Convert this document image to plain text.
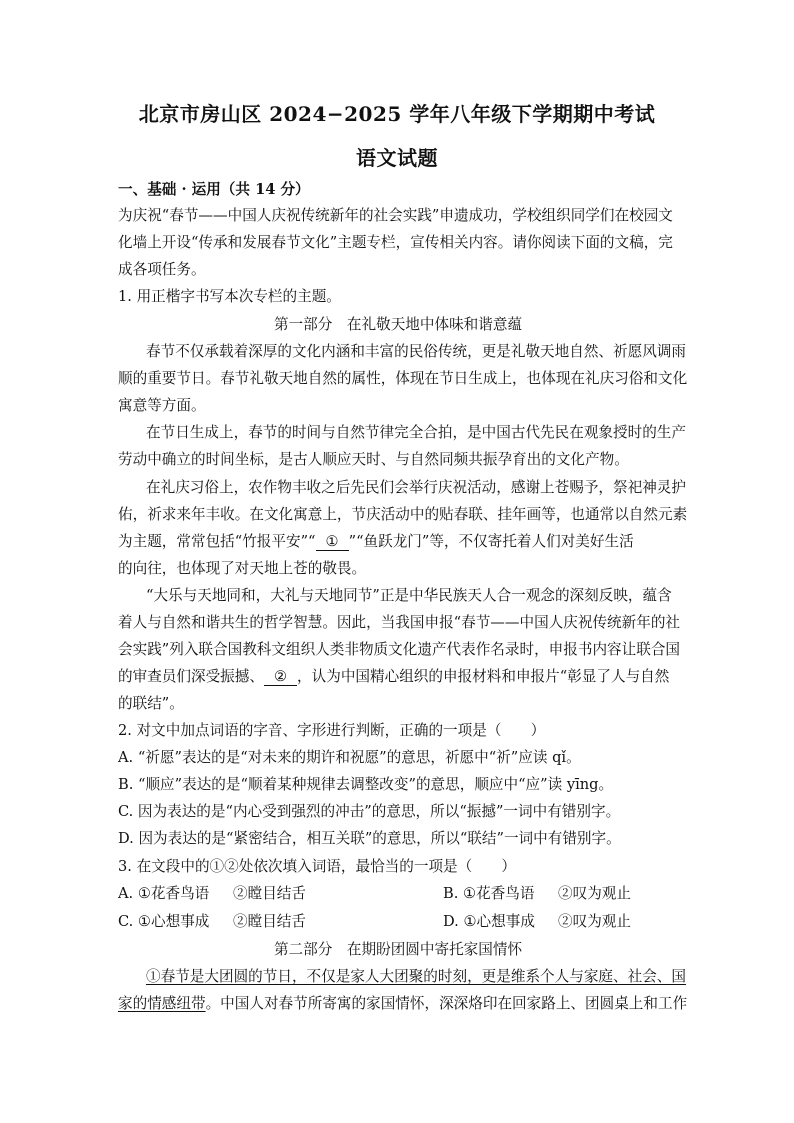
北京市房山区 2024−2025 学年八年级下学期期中考试
语文试题

一、基础 · 运用（共 14 分）

为庆祝“春节——中国人庆祝传统新年的社会实践”申遗成功，学校组织同学们在校园文

化墙上开设“传承和发展春节文化”主题专栏，宣传相关内容。请你阅读下面的文稿，完

成各项任务。

1. 用正楷字书写本次专栏的主题。

第一部分　在礼敬天地中体味和谐意蕴

春节不仅承载着深厚的文化内涵和丰富的民俗传统，更是礼敬天地自然、祈愿风调雨

顺的重要节日。春节礼敬天地自然的属性，体现在节日生成上，也体现在礼庆习俗和文化

寓意等方面。

在节日生成上，春节的时间与自然节律完全合拍，是中国古代先民在观象授时的生产

劳动中确立的时间坐标，是古人顺应天时、与自然同频共振孕育出的文化产物。

在礼庆习俗上，农作物丰收之后先民们会举行庆祝活动，感谢上苍赐予，祭祀神灵护

佑，祈求来年丰收。在文化寓意上，节庆活动中的贴春联、挂年画等，也通常以自然元素

为主题，常常包括“竹报平安”“ ① ”“鱼跃龙门”等，不仅寄托着人们对美好生活

的向往，也体现了对天地上苍的敬畏。

“大乐与天地同和，大礼与天地同节”正是中华民族天人合一观念的深刻反映，蕴含

着人与自然和谐共生的哲学智慧。因此，当我国申报“春节——中国人庆祝传统新年的社

会实践”列入联合国教科文组织人类非物质文化遗产代表作名录时，申报书内容让联合国

的审查员们深受振撼、 ② ，认为中国精心组织的申报材料和申报片“彰显了人与自然

的联结”。

2. 对文中加点词语的字音、字形进行判断，正确的一项是（　　）

A. “祈愿”表达的是“对未来的期许和祝愿”的意思，祈愿中“祈”应读 qǐ。

B. “顺应”表达的是“顺着某种规律去调整改变”的意思，顺应中“应”读 yīng。

C. 因为表达的是“内心受到强烈的冲击”的意思，所以“振撼”一词中有错别字。

D. 因为表达的是“紧密结合，相互关联”的意思，所以“联结”一词中有错别字。

3. 在文段中的①②处依次填入词语，最恰当的一项是（　　）

A. ①花香鸟语 ②瞠目结舌	B. ①花香鸟语 ②叹为观止

C. ①心想事成 ②瞠目结舌	D. ①心想事成 ②叹为观止

第二部分　在期盼团圆中寄托家国情怀

①春节是大团圆的节日，不仅是家人大团聚的时刻，更是维系个人与家庭、社会、国

家的情感纽带。中国人对春节所寄寓的家国情怀，深深烙印在回家路上、团圆桌上和工作
